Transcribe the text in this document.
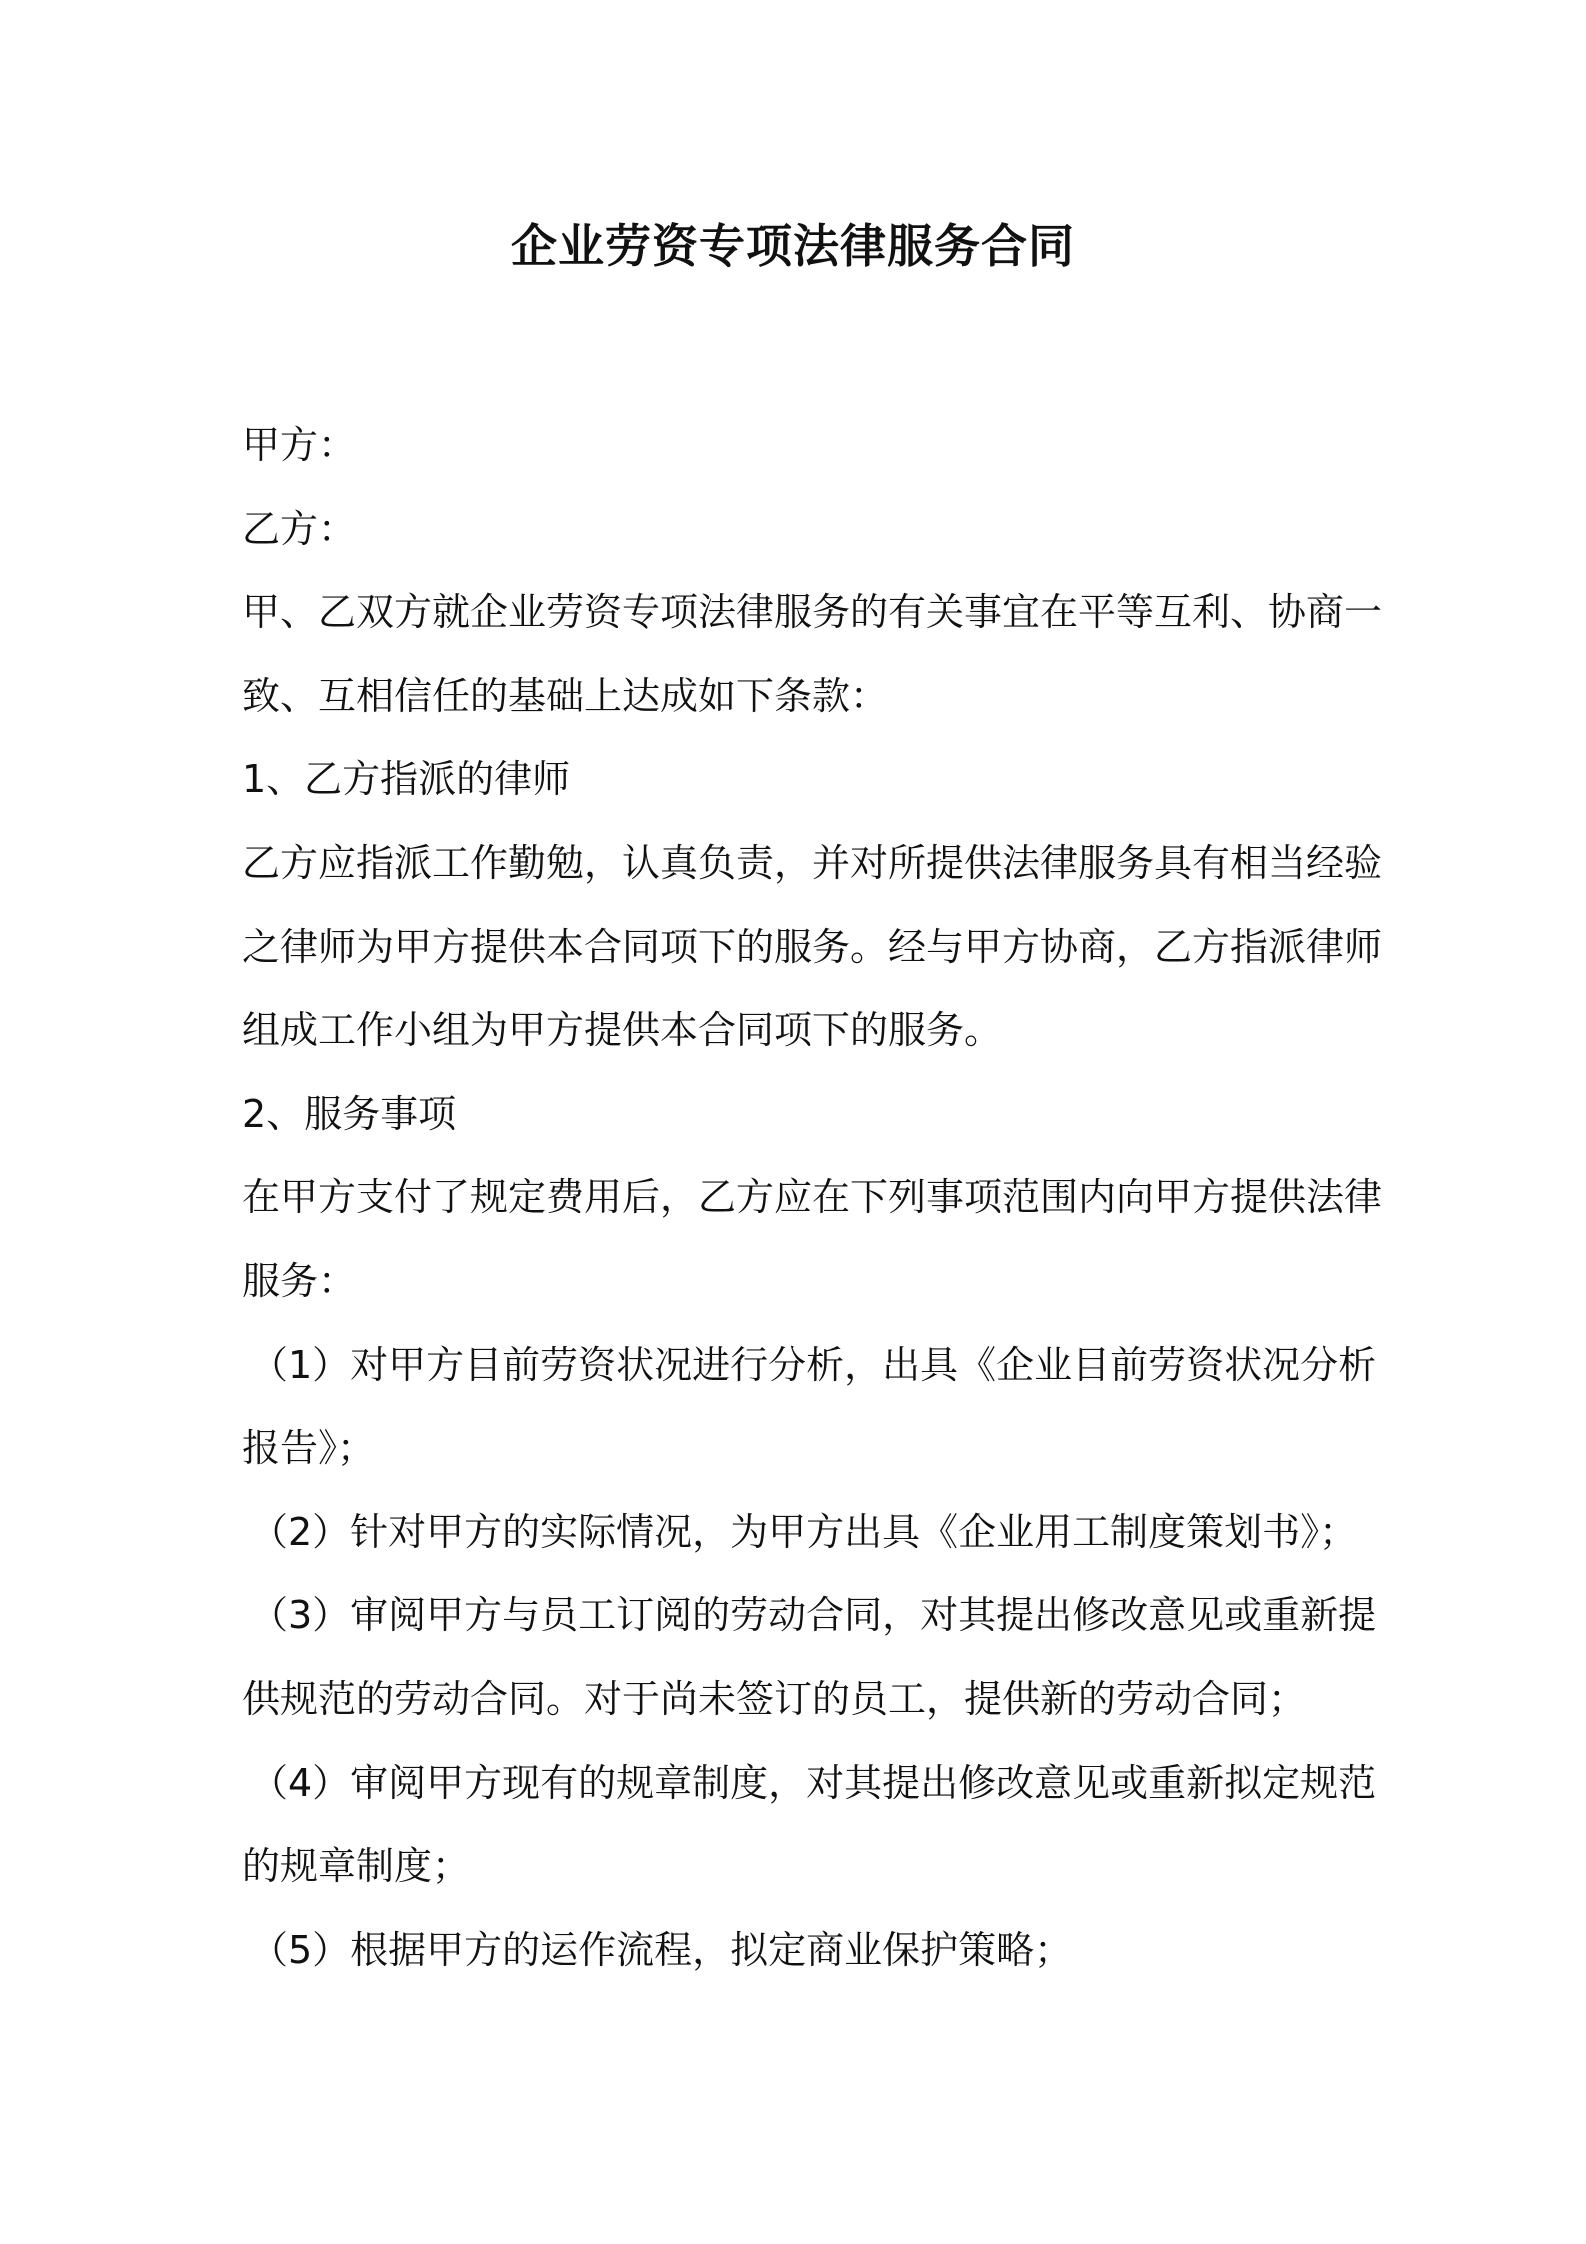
企业劳资专项法律服务合同
甲方：
乙方：
甲、乙双方就企业劳资专项法律服务的有关事宜在平等互利、协商一
致、互相信任的基础上达成如下条款：
1、乙方指派的律师
乙方应指派工作勤勉，认真负责，并对所提供法律服务具有相当经验
之律师为甲方提供本合同项下的服务。经与甲方协商，乙方指派律师
组成工作小组为甲方提供本合同项下的服务。
2、服务事项
在甲方支付了规定费用后，乙方应在下列事项范围内向甲方提供法律
服务：
（1）对甲方目前劳资状况进行分析，出具《企业目前劳资状况分析
报告》；
（2）针对甲方的实际情况，为甲方出具《企业用工制度策划书》；
（3）审阅甲方与员工订阅的劳动合同，对其提出修改意见或重新提
供规范的劳动合同。对于尚未签订的员工，提供新的劳动合同；
（4）审阅甲方现有的规章制度，对其提出修改意见或重新拟定规范
的规章制度；
（5）根据甲方的运作流程，拟定商业保护策略；
